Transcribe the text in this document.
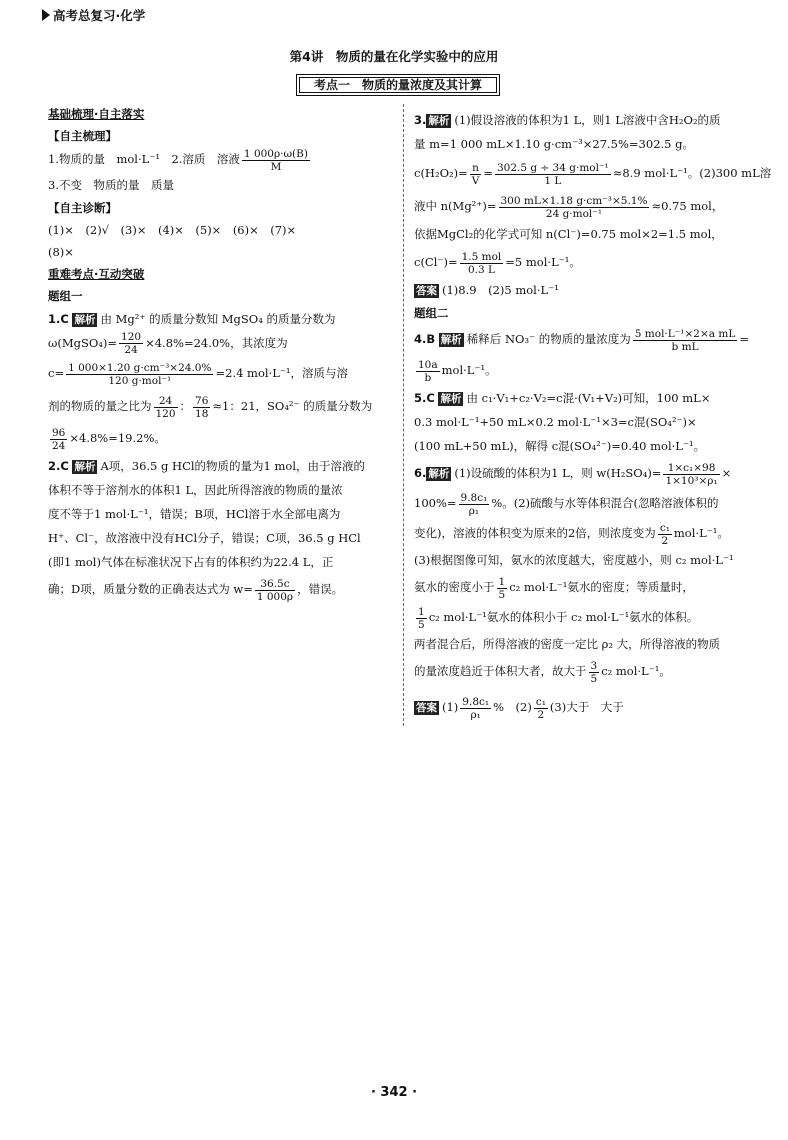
高考总复习·化学
第4讲　物质的量在化学实验中的应用
考点一　物质的量浓度及其计算
基础梳理·自主落实
【自主梳理】
1.物质的量　mol·L⁻¹　2.溶质　溶液 $\frac{1 000\rho\cdot\omega(B)}{M}$
3.不变　物质的量　质量
【自主诊断】
(1)×　(2)√　(3)×　(4)×　(5)×　(6)×　(7)×
(8)×
重难考点·互动突破
题组一
1.C 解析 由 Mg²⁺ 的质量分数知 MgSO₄ 的质量分数为
ω(MgSO₄)= $\frac{120}{24} \times 4.8\%=24.0\%$，其浓度为
$c= \frac{\text{1 000×1.20 g·cm⁻³×24.0\%}}{\text{120 g·mol⁻¹}} =2.4$ mol·L⁻¹，溶质与溶
剂的物质的量之比为 $\frac{24}{120}$ ： $\frac{76}{18} \approx 1$：21，SO₄²⁻ 的质量分数为
$\frac{96}{24} \times 4.8\%=19.2\%$。
2.C 解析 A项，36.5 g HCl的物质的量为1 mol，由于溶液的
体积不等于溶剂水的体积1 L，因此所得溶液的物质的量浓
度不等于1 mol·L⁻¹，错误；B项，HCl溶于水全部电离为
H⁺、Cl⁻，故溶液中没有HCl分子，错误；C项，36.5 g HCl
(即1 mol)气体在标准状况下占有的体积约为22.4 L，正
确；D项，质量分数的正确表达式为 $w= \frac{36.5c}{1 000\rho}$ ，错误。
3. 解析 (1)假设溶液的体积为1 L，则1 L溶液中含H₂O₂的质
量 m=1 000 mL×1.10 g·cm⁻³×27.5%=302.5 g。
$c(H_2O_2)= \frac{n}{V} = \frac{\text{302.5 g ÷ 34 g·mol⁻¹}}{1 L} \approx 8.9$ mol·L⁻¹。(2)300 mL溶
液中 $n(Mg^{2+})= \frac{\text{300 mL×1.18 g·cm⁻³×5.1\%}}{\text{24 g·mol⁻¹}} \approx 0.75$ mol，
依据MgCl₂的化学式可知 n(Cl⁻)=0.75 mol×2=1.5 mol，
$c(Cl^-)= \frac{\text{1.5 mol}}{0.3 L} =5$ mol·L⁻¹。
答案 (1)8.9　(2)5 mol·L⁻¹
题组二
4.B 解析 稀释后 NO₃⁻ 的物质的量浓度为 $\frac{\text{5 mol·L⁻¹×2×a mL}}{\text{b mL}}$ =
$\frac{10a}{b} mol\cdot L^{-1}$。
5.C 解析 由 c₁·V₁+c₂·V₂=c混·(V₁+V₂)可知，100 mL×
0.3 mol·L⁻¹+50 mL×0.2 mol·L⁻¹×3=c混(SO₄²⁻)×
(100 mL+50 mL)，解得 c混(SO₄²⁻)=0.40 mol·L⁻¹。
6. 解析 (1)设硫酸的体积为1 L，则 $w(H_2SO_4)= \frac{\text{1×c₁×98}}{\text{1×10³×ρ₁}}$ ×
$100\%= \frac{\text{9.8c₁}}{\text{ρ₁}}$ %。(2)硫酸与水等体积混合(忽略溶液体积的
变化)，溶液的体积变为原来的2倍，则浓度变为 $\frac{\text{c₁}}{2} mol\cdot L^{-1}$。
(3)根据图像可知，氨水的浓度越大，密度越小，则 c₂ mol·L⁻¹
氨水的密度小于 $\frac{1}{5} c_2$ mol·L⁻¹氨水的密度；等质量时，
$\frac{1}{5} c_2$ mol·L⁻¹氨水的体积小于 c₂ mol·L⁻¹氨水的体积。
两者混合后，所得溶液的密度一定比 ρ₂ 大，所得溶液的物质
的量浓度趋近于体积大者，故大于 $\frac{3}{5} c_2$ mol·L⁻¹。
答案 $(1) \frac{\text{9.8c₁}}{\text{ρ₁}}$ %　$(2) \frac{\text{c₁}}{2} (3)$大于　大于
· 342 ·
